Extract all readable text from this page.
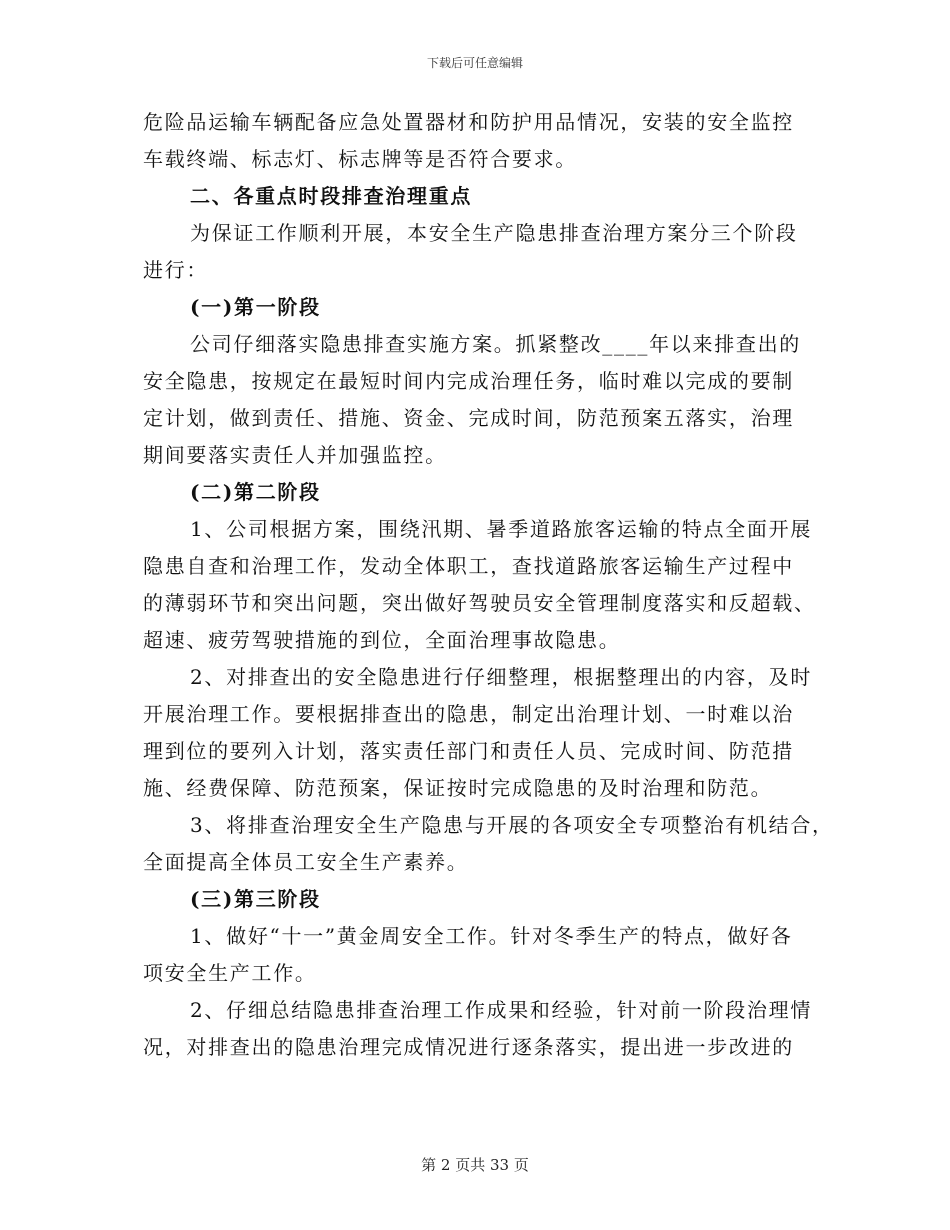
下载后可任意编辑
危险品运输车辆配备应急处置器材和防护用品情况，安装的安全监控
车载终端、标志灯、标志牌等是否符合要求。
二、各重点时段排查治理重点
为保证工作顺利开展，本安全生产隐患排查治理方案分三个阶段
进行：
(一)第一阶段
公司仔细落实隐患排查实施方案。抓紧整改____年以来排查出的
安全隐患，按规定在最短时间内完成治理任务，临时难以完成的要制
定计划，做到责任、措施、资金、完成时间，防范预案五落实，治理
期间要落实责任人并加强监控。
(二)第二阶段
1、公司根据方案，围绕汛期、暑季道路旅客运输的特点全面开展
隐患自查和治理工作，发动全体职工，查找道路旅客运输生产过程中
的薄弱环节和突出问题，突出做好驾驶员安全管理制度落实和反超载、
超速、疲劳驾驶措施的到位，全面治理事故隐患。
2、对排查出的安全隐患进行仔细整理，根据整理出的内容，及时
开展治理工作。要根据排查出的隐患，制定出治理计划、一时难以治
理到位的要列入计划，落实责任部门和责任人员、完成时间、防范措
施、经费保障、防范预案，保证按时完成隐患的及时治理和防范。
3、将排查治理安全生产隐患与开展的各项安全专项整治有机结合，
全面提高全体员工安全生产素养。
(三)第三阶段
1、做好“十一”黄金周安全工作。针对冬季生产的特点，做好各
项安全生产工作。
2、仔细总结隐患排查治理工作成果和经验，针对前一阶段治理情
况，对排查出的隐患治理完成情况进行逐条落实，提出进一步改进的
第 2 页共 33 页
